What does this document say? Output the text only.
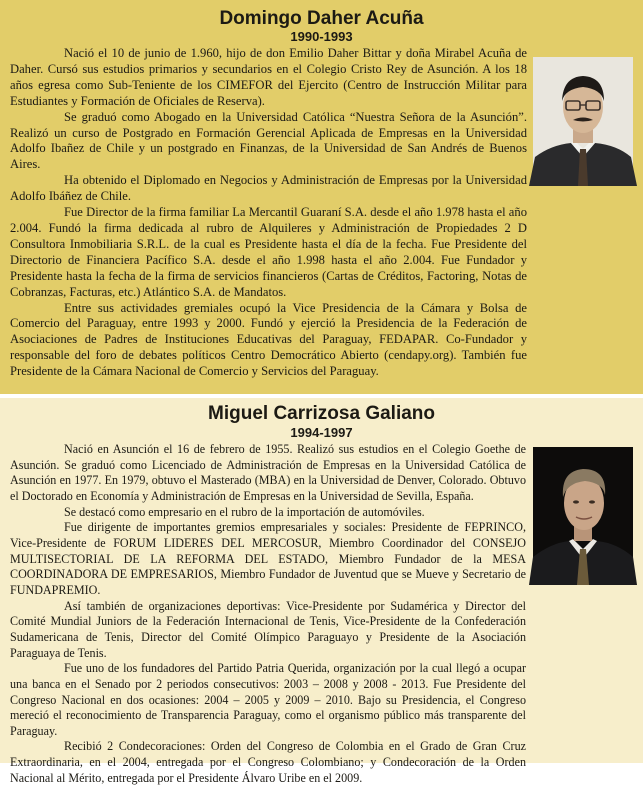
Domingo Daher Acuña
1990-1993

Nació el 10 de junio de 1.960, hijo de don Emilio Daher Bittar y doña Mirabel Acuña de Daher. Cursó sus estudios primarios y secundarios en el Colegio Cristo Rey de Asunción. A los 18 años egresa como Sub-Teniente de los CIMEFOR del Ejercito (Centro de Instrucción Militar para Estudiantes y Formación de Oficiales de Reserva).

Se graduó como Abogado en la Universidad Católica “Nuestra Señora de la Asunción”. Realizó un curso de Postgrado en Formación Gerencial Aplicada de Empresas en la Universidad Adolfo Ibañez de Chile y un postgrado en Finanzas, de la Universidad de San Andrés de Buenos Aires.

Ha obtenido el Diplomado en Negocios y Administración de Empresas por la Universidad Adolfo Ibáñez de Chile.

Fue Director de la firma familiar La Mercantil Guaraní S.A. desde el año 1.978 hasta el año 2.004. Fundó la firma dedicada al rubro de Alquileres y Administración de Propiedades 2 D Consultora Inmobiliaria S.R.L. de la cual es Presidente hasta el día de la fecha. Fue Presidente del Directorio de Financiera Pacífico S.A. desde el año 1.998 hasta el año 2.004. Fue Fundador y Presidente hasta la fecha de la firma de servicios financieros (Cartas de Créditos, Factoring, Notas de Cobranzas, Facturas, etc.) Atlántico S.A. de Mandatos.

Entre sus actividades gremiales ocupó la Vice Presidencia de la Cámara y Bolsa de Comercio del Paraguay, entre 1993 y 2000. Fundó y ejerció la Presidencia de la Federación de Asociaciones de Padres de Instituciones Educativas del Paraguay, FEDAPAR. Co-Fundador y responsable del foro de debates políticos Centro Democrático Abierto (cendapy.org). También fue Presidente de la Cámara Nacional de Comercio y Servicios del Paraguay.

Miguel Carrizosa Galiano
1994-1997

Nació en Asunción el 16 de febrero de 1955. Realizó sus estudios en el Colegio Goethe de Asunción. Se graduó como Licenciado de Administración de Empresas en la Universidad Católica de Asunción en 1977. En 1979, obtuvo el Masterado (MBA) en la Universidad de Denver, Colorado. Obtuvo el Doctorado en Economía y Administración de Empresas en la Universidad de Sevilla, España.

Se destacó como empresario en el rubro de la importación de automóviles.

Fue dirigente de importantes gremios empresariales y sociales: Presidente de FEPRINCO, Vice-Presidente de FORUM LIDERES DEL MERCOSUR, Miembro Coordinador del CONSEJO MULTISECTORIAL DE LA REFORMA DEL ESTADO, Miembro Fundador de la MESA COORDINADORA DE EMPRESARIOS, Miembro Fundador de Juventud que se Mueve y Secretario de FUNDAPREMIO.

Así también de organizaciones deportivas: Vice-Presidente por Sudamérica y Director del Comité Mundial Juniors de la Federación Internacional de Tenis, Vice-Presidente de la Confederación Sudamericana de Tenis, Director del Comité Olímpico Paraguayo y Presidente de la Asociación Paraguaya de Tenis.

Fue uno de los fundadores del Partido Patria Querida, organización por la cual llegó a ocupar una banca en el Senado por 2 periodos consecutivos: 2003 – 2008 y 2008 - 2013. Fue Presidente del Congreso Nacional en dos ocasiones: 2004 – 2005 y 2009 – 2010. Bajo su Presidencia, el Congreso mereció el reconocimiento de Transparencia Paraguay, como el organismo público más transparente del Paraguay.

Recibió 2 Condecoraciones: Orden del Congreso de Colombia en el Grado de Gran Cruz Extraordinaria, en el 2004, entregada por el Congreso Colombiano; y Condecoración de la Orden Nacional al Mérito, entregada por el Presidente Álvaro Uribe en el 2009.
